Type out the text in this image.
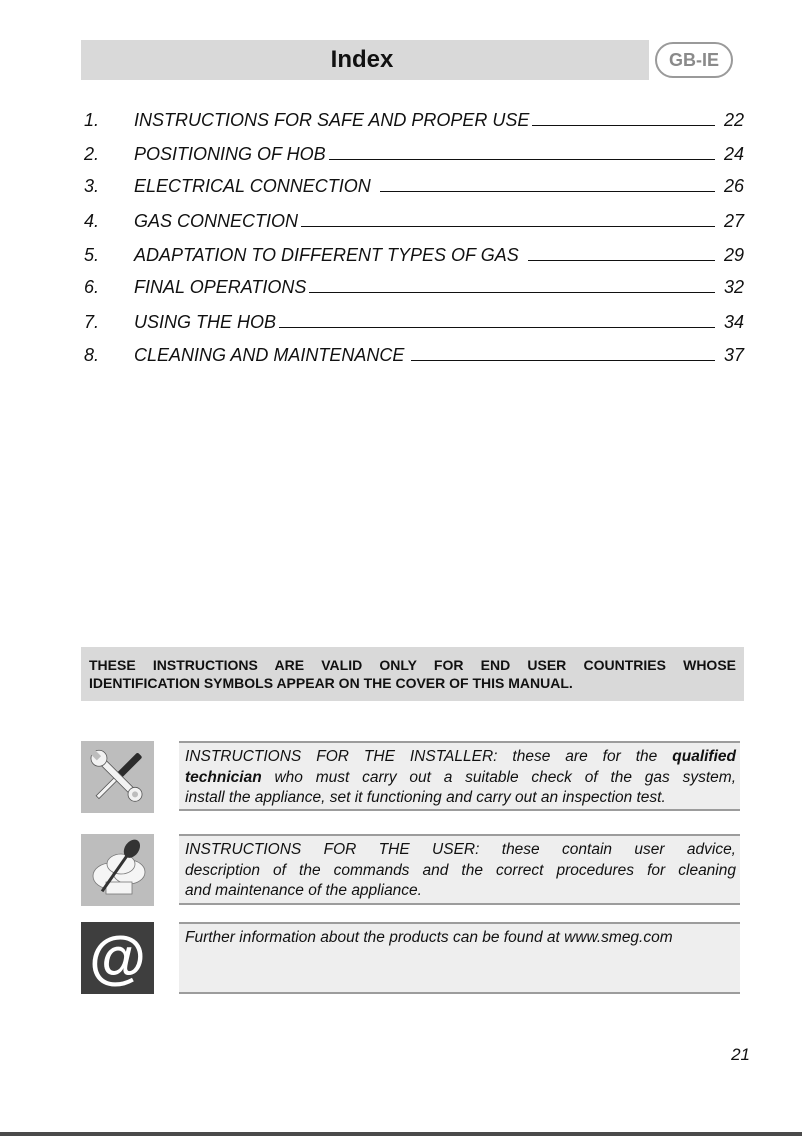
Index	GB-IE
1.	INSTRUCTIONS FOR SAFE AND PROPER USE	22
2.	POSITIONING OF HOB	24
3.	ELECTRICAL CONNECTION	26
4.	GAS CONNECTION	27
5.	ADAPTATION TO DIFFERENT TYPES OF GAS	29
6.	FINAL OPERATIONS	32
7.	USING THE HOB	34
8.	CLEANING AND MAINTENANCE	37
THESE INSTRUCTIONS ARE VALID ONLY FOR END USER COUNTRIES WHOSE
IDENTIFICATION SYMBOLS APPEAR ON THE COVER OF THIS MANUAL.
INSTRUCTIONS FOR THE INSTALLER: these are for the qualified
technician who must carry out a suitable check of the gas system,
install the appliance, set it functioning and carry out an inspection test.
INSTRUCTIONS FOR THE USER: these contain user advice,
description of the commands and the correct procedures for cleaning
and maintenance of the appliance.
@	Further information about the products can be found at www.smeg.com
21
